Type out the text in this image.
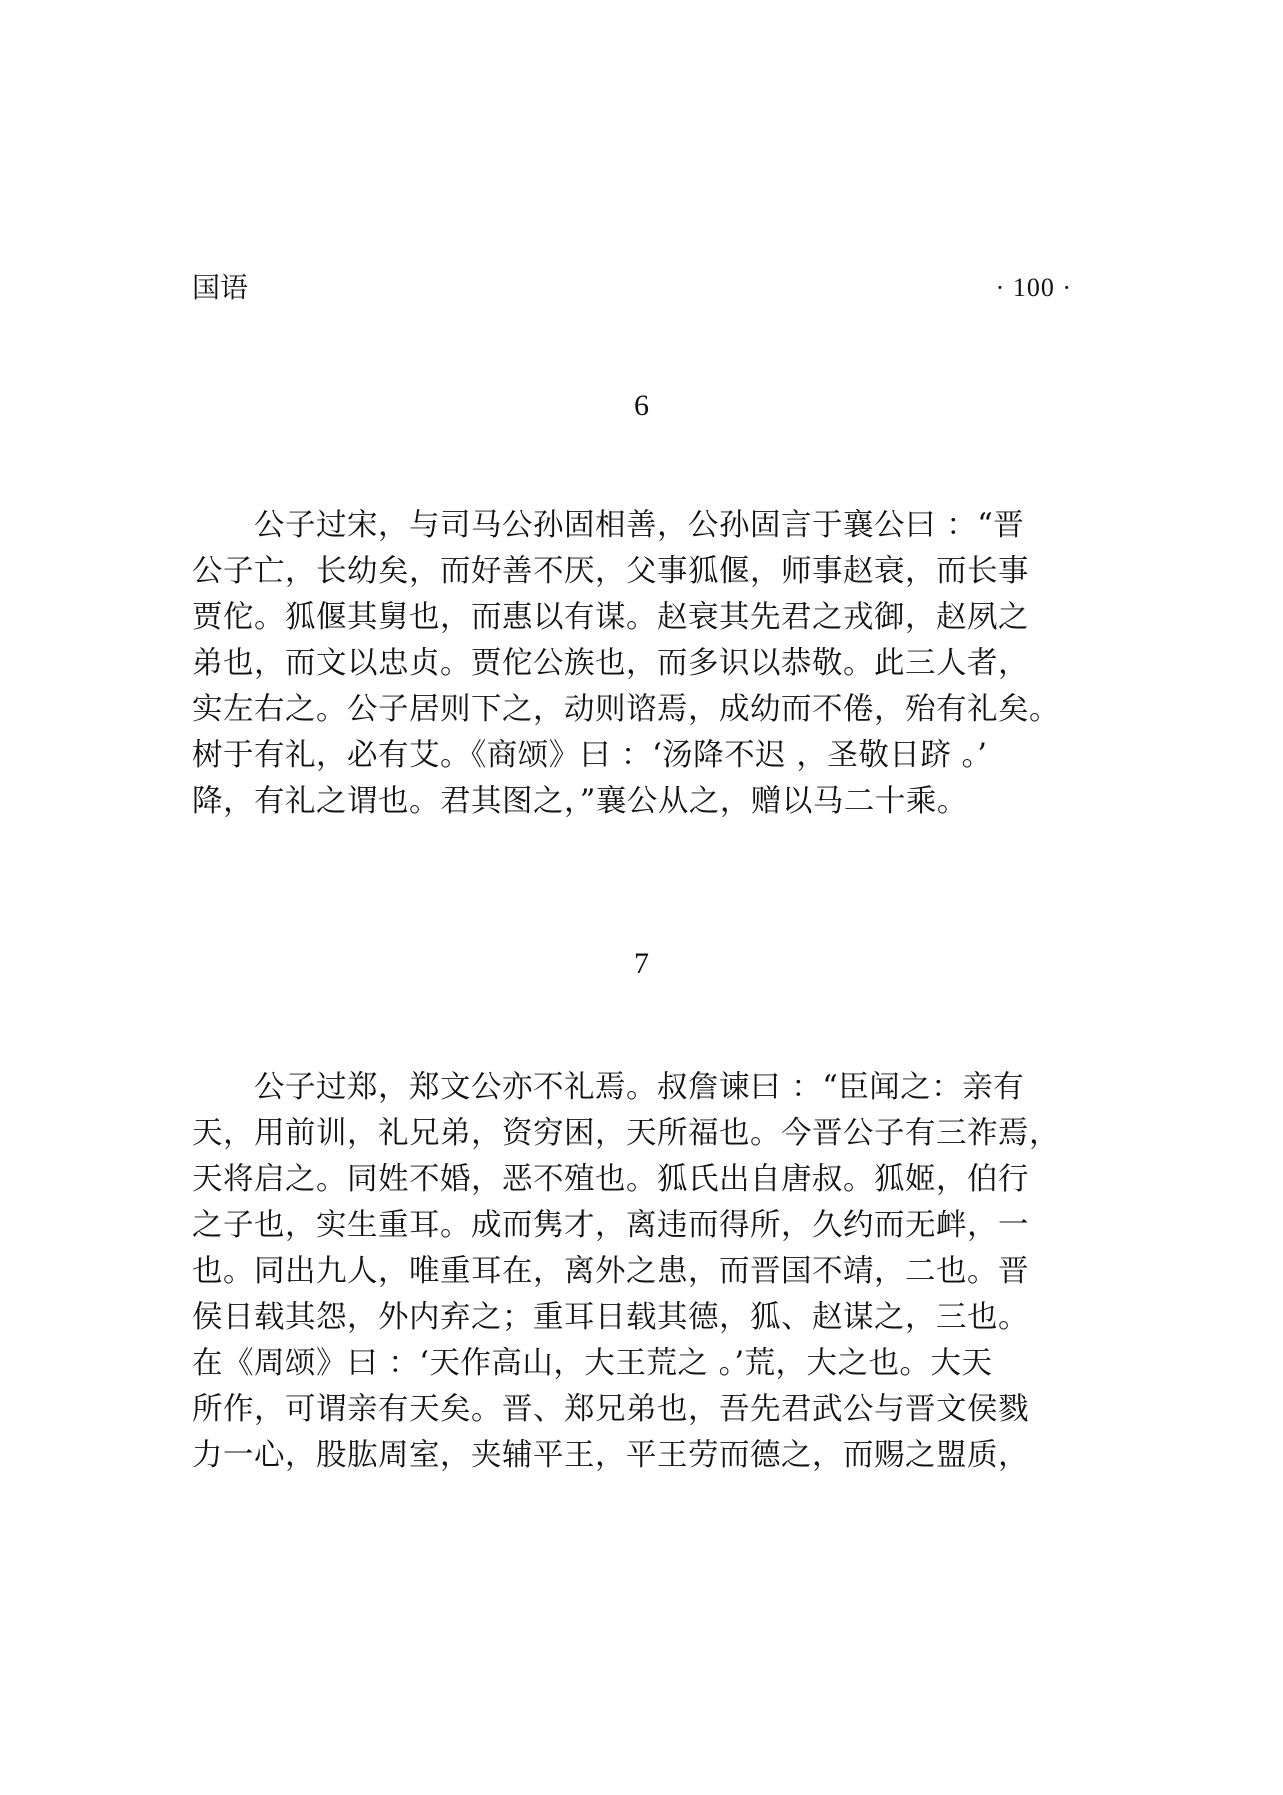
国语	· 100 ·
6
　　公子过宋，与司马公孙固相善，公孙固言于襄公曰 ：“晋
公子亡，长幼矣，而好善不厌，父事狐偃，师事赵衰，而长事
贾佗。狐偃其舅也，而惠以有谋。赵衰其先君之戎御，赵夙之
弟也，而文以忠贞。贾佗公族也，而多识以恭敬。此三人者，
实左右之。公子居则下之，动则谘焉，成幼而不倦，殆有礼矣。
树于有礼，必有艾。《商颂》曰 ：‘汤降不迟 ，圣敬日跻 。’
降，有礼之谓也。君其图之，”襄公从之，赠以马二十乘。
7
　　公子过郑，郑文公亦不礼焉。叔詹谏曰 ：“臣闻之：亲有
天，用前训，礼兄弟，资穷困，天所福也。今晋公子有三祚焉，
天将启之。同姓不婚，恶不殖也。狐氏出自唐叔。狐姬，伯行
之子也，实生重耳。成而隽才，离违而得所，久约而无衅，一
也。同出九人，唯重耳在，离外之患，而晋国不靖，二也。晋
侯日载其怨，外内弃之；重耳日载其德，狐、赵谋之，三也。
在《周颂》曰 ：‘天作高山，大王荒之 。’荒，大之也。大天
所作，可谓亲有天矣。晋、郑兄弟也，吾先君武公与晋文侯戮
力一心，股肱周室，夹辅平王，平王劳而德之，而赐之盟质，
